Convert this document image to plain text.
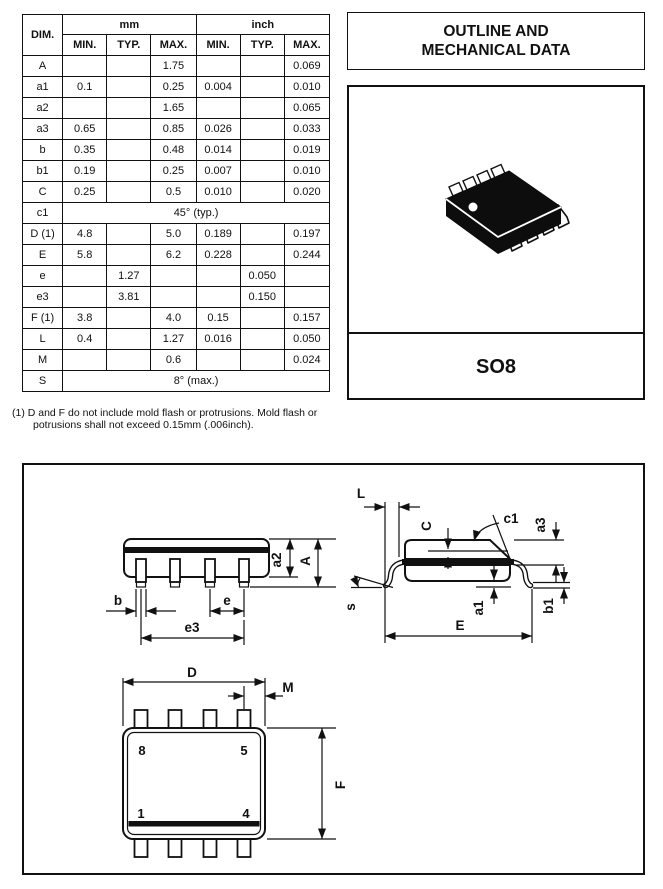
DIM.	mm			inch		
	MIN.	TYP.	MAX.	MIN.	TYP.	MAX.
A			1.75			0.069
a1	0.1		0.25	0.004		0.010
a2			1.65			0.065
a3	0.65		0.85	0.026		0.033
b	0.35		0.48	0.014		0.019
b1	0.19		0.25	0.007		0.010
C	0.25		0.5	0.010		0.020
c1	45° (typ.)					
D (1)	4.8		5.0	0.189		0.197
E	5.8		6.2	0.228		0.244
e		1.27			0.050	
e3		3.81			0.150	
F (1)	3.8		4.0	0.15		0.157
L	0.4		1.27	0.016		0.050
M			0.6			0.024
S	8° (max.)					
(1) D and F do not include mold flash or protrusions. Mold flash or
potrusions shall not exceed 0.15mm (.006inch).
OUTLINE AND
MECHANICAL DATA
SO8
b	e
e3
a2 A
L
c1
C	a3
s	a1	b1
E
8	5
1	4
D
M
F
